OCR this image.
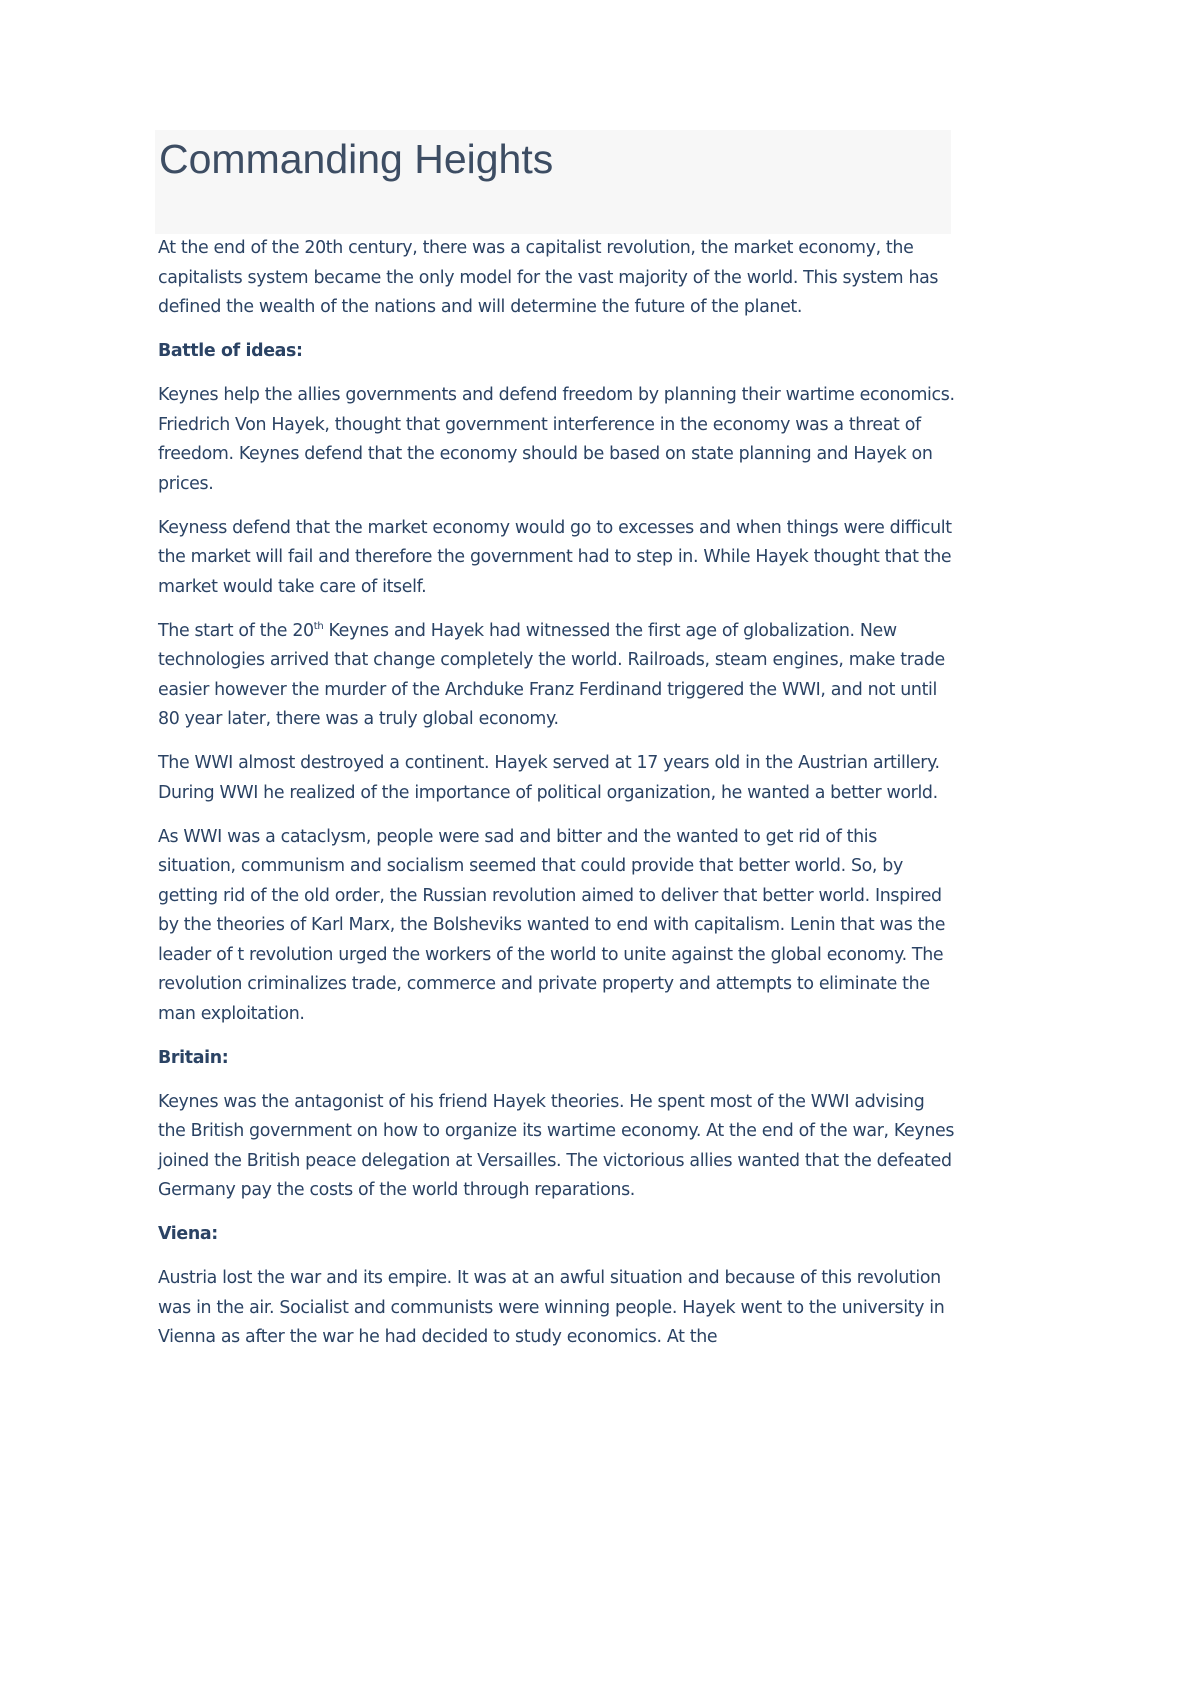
Commanding Heights

At the end of the 20th century, there was a capitalist revolution, the market economy, the capitalists system became the only model for the vast majority of the world. This system has defined the wealth of the nations and will determine the future of the planet.

Battle of ideas:

Keynes help the allies governments and defend freedom by planning their wartime economics. Friedrich Von Hayek, thought that government interference in the economy was a threat of freedom. Keynes defend that the economy should be based on state planning and Hayek on prices.

Keyness defend that the market economy would go to excesses and when things were difficult the market will fail and therefore the government had to step in. While Hayek thought that the market would take care of itself.

The start of the 20th Keynes and Hayek had witnessed the first age of globalization. New technologies arrived that change completely the world. Railroads, steam engines, make trade easier however the murder of the Archduke Franz Ferdinand triggered the WWI, and not until 80 year later, there was a truly global economy.

The WWI almost destroyed a continent. Hayek served at 17 years old in the Austrian artillery. During WWI he realized of the importance of political organization, he wanted a better world.

As WWI was a cataclysm, people were sad and bitter and the wanted to get rid of this situation, communism and socialism seemed that could provide that better world. So, by getting rid of the old order, the Russian revolution aimed to deliver that better world. Inspired by the theories of Karl Marx, the Bolsheviks wanted to end with capitalism. Lenin that was the leader of t revolution urged the workers of the world to unite against the global economy. The revolution criminalizes trade, commerce and private property and attempts to eliminate the man exploitation.

Britain:

Keynes was the antagonist of his friend Hayek theories. He spent most of the WWI advising the British government on how to organize its wartime economy. At the end of the war, Keynes joined the British peace delegation at Versailles. The victorious allies wanted that the defeated Germany pay the costs of the world through reparations.

Viena:

Austria lost the war and its empire. It was at an awful situation and because of this revolution was in the air. Socialist and communists were winning people. Hayek went to the university in Vienna as after the war he had decided to study economics. At the
